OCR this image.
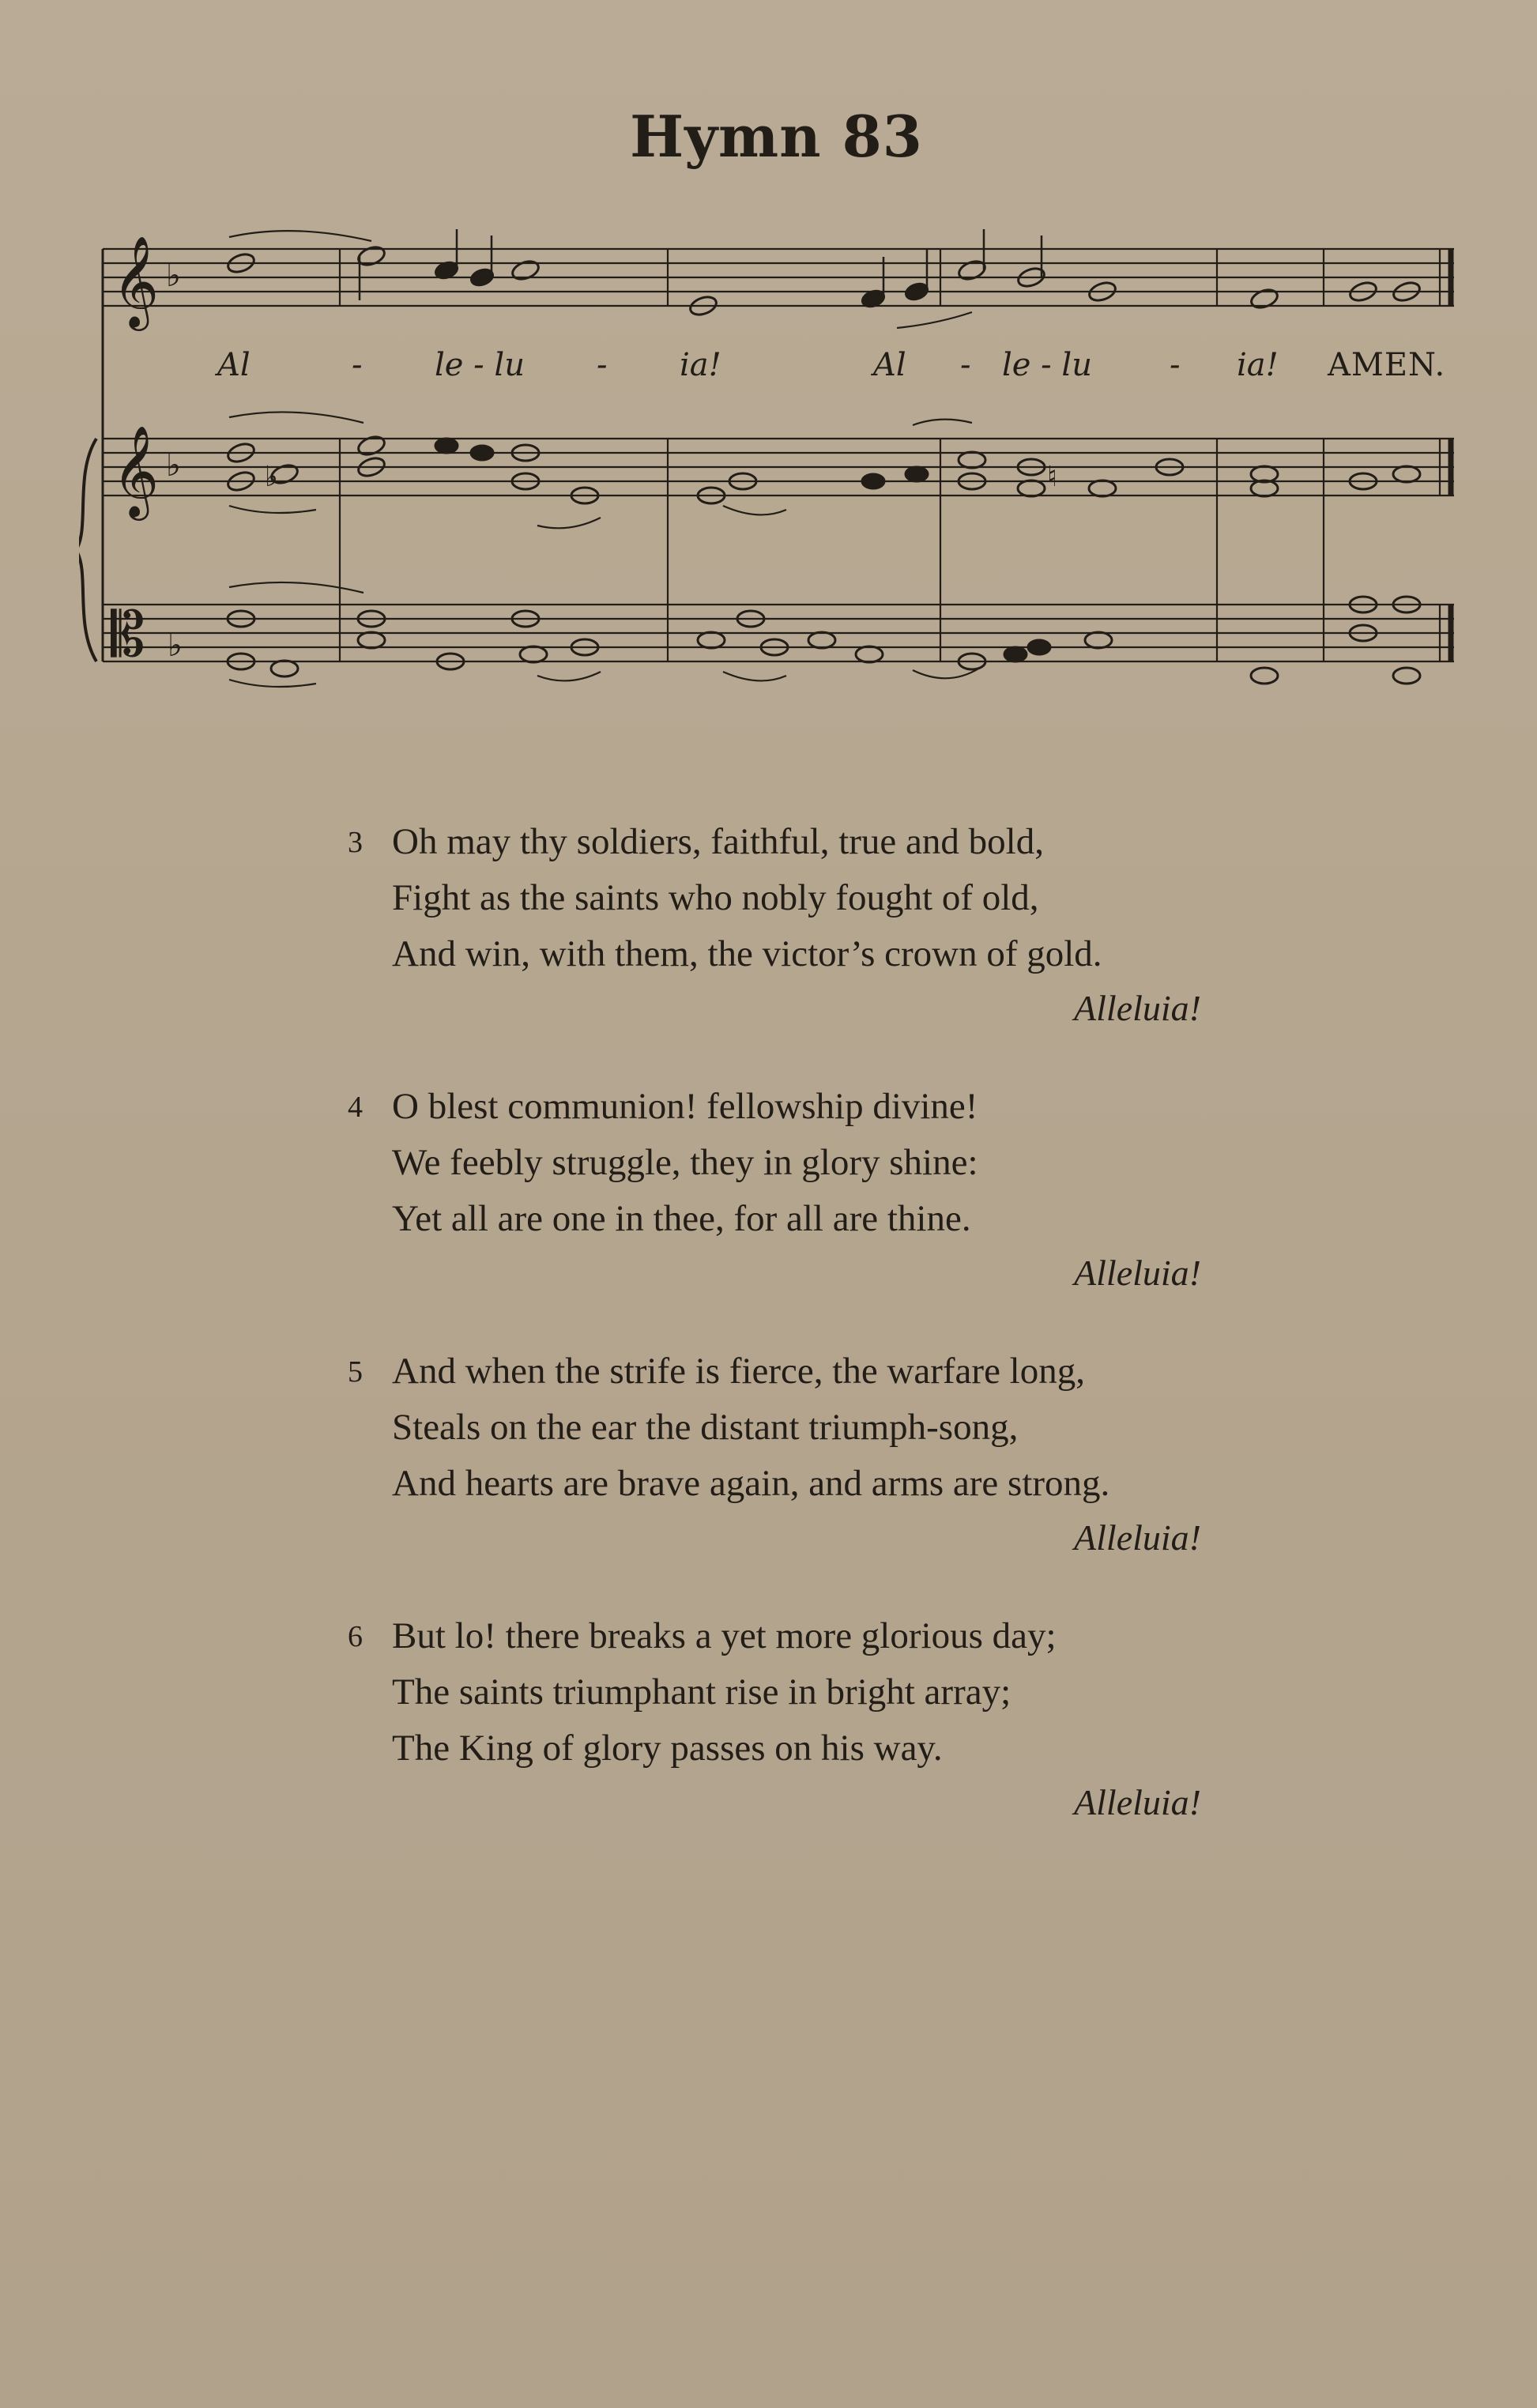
Hymn 83
𝄞
𝄞
𝄡
♭
♭
♭
♮
♭
Al	- le - lu - ia!	Al - le - lu - ia! AMEN.
3 Oh may thy soldiers, faithful, true and bold,
Fight as the saints who nobly fought of old,
And win, with them, the victor’s crown of gold.
Alleluia!
4 O blest communion! fellowship divine!
We feebly struggle, they in glory shine:
Yet all are one in thee, for all are thine.
Alleluia!
5 And when the strife is fierce, the warfare long,
Steals on the ear the distant triumph-song,
And hearts are brave again, and arms are strong.
Alleluia!
6 But lo! there breaks a yet more glorious day;
The saints triumphant rise in bright array;
The King of glory passes on his way.
Alleluia!
